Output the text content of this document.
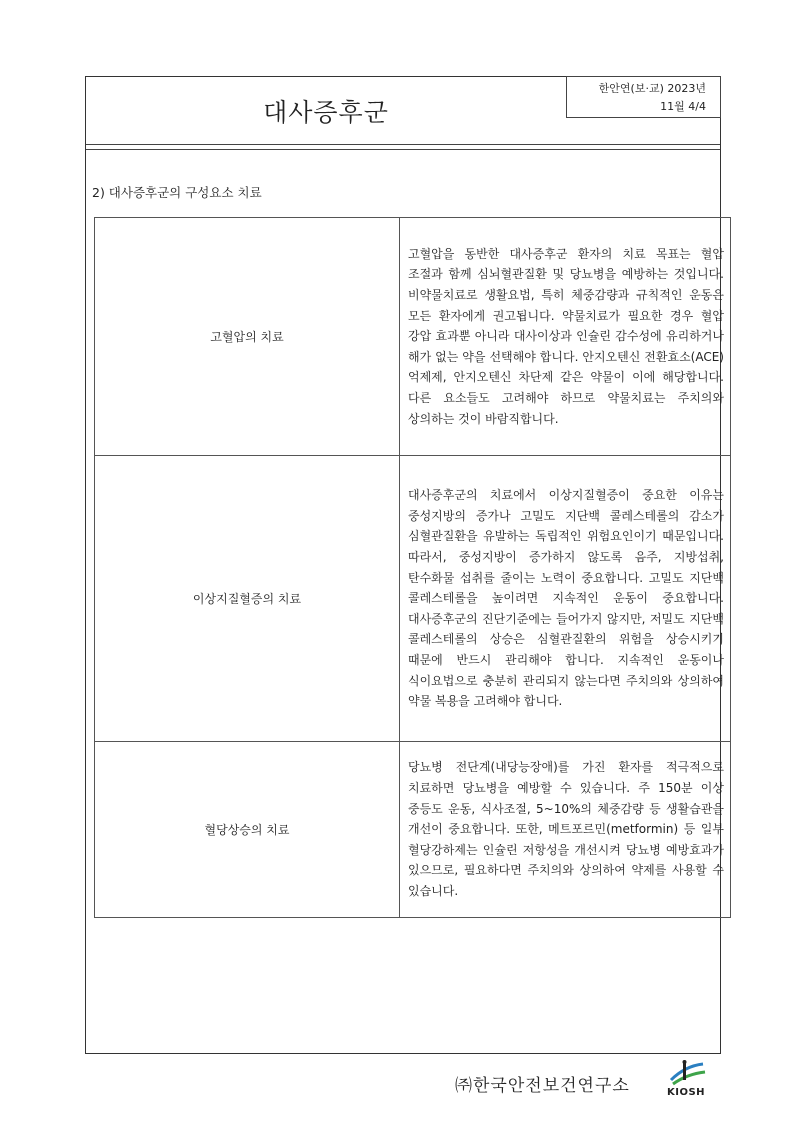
대사증후군
한안연(보·교) 2023년
11월 4/4
2) 대사증후군의 구성요소 치료
고혈압의 치료	고혈압을 동반한 대사증후군 환자의 치료 목표는 혈압 조절과 함께 심뇌혈관질환 및 당뇨병을 예방하는 것입니다. 비약물치료로 생활요법, 특히 체중감량과 규칙적인 운동은 모든 환자에게 권고됩니다. 약물치료가 필요한 경우 혈압 강압 효과뿐 아니라 대사이상과 인슐린 감수성에 유리하거나 해가 없는 약을 선택해야 합니다. 안지오텐신 전환효소(ACE) 억제제, 안지오텐신 차단제 같은 약물이 이에 해당합니다. 다른 요소들도 고려해야 하므로 약물치료는 주치의와 상의하는 것이 바람직합니다.
이상지질혈증의 치료	대사증후군의 치료에서 이상지질혈증이 중요한 이유는 중성지방의 증가나 고밀도 지단백 콜레스테롤의 감소가 심혈관질환을 유발하는 독립적인 위험요인이기 때문입니다. 따라서, 중성지방이 증가하지 않도록 음주, 지방섭취, 탄수화물 섭취를 줄이는 노력이 중요합니다. 고밀도 지단백 콜레스테롤을 높이려면 지속적인 운동이 중요합니다. 대사증후군의 진단기준에는 들어가지 않지만, 저밀도 지단백 콜레스테롤의 상승은 심혈관질환의 위험을 상승시키기 때문에 반드시 관리해야 합니다. 지속적인 운동이나 식이요법으로 충분히 관리되지 않는다면 주치의와 상의하여 약물 복용을 고려해야 합니다.
혈당상승의 치료	당뇨병 전단계(내당능장애)를 가진 환자를 적극적으로 치료하면 당뇨병을 예방할 수 있습니다. 주 150분 이상 중등도 운동, 식사조절, 5~10%의 체중감량 등 생활습관을 개선이 중요합니다. 또한, 메트포르민(metformin) 등 일부 혈당강하제는 인슐린 저항성을 개선시켜 당뇨병 예방효과가 있으므로, 필요하다면 주치의와 상의하여 약제를 사용할 수 있습니다.
㈜한국안전보건연구소	KIOSH
